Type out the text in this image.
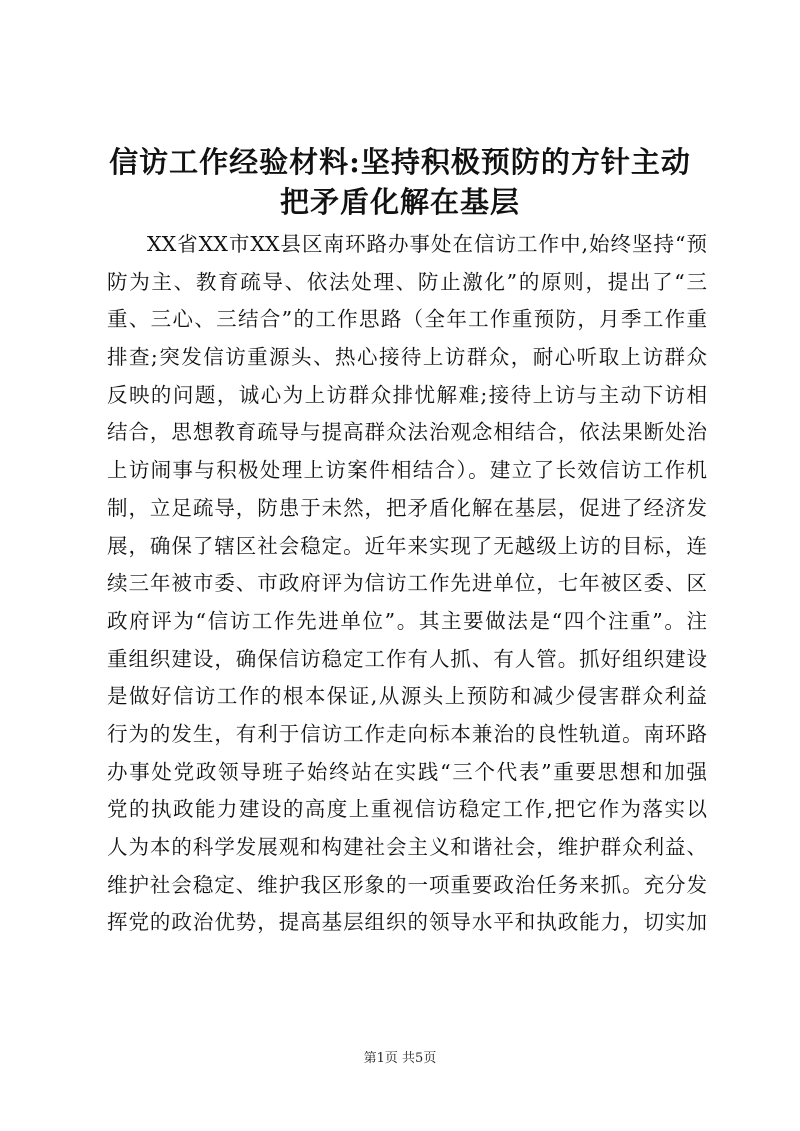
信访工作经验材料:坚持积极预防的方针主动
把矛盾化解在基层
XX省XX市XX县区南环路办事处在信访工作中,始终坚持“预
防为主、教育疏导、依法处理、防止激化”的原则，提出了“三
重、三心、三结合”的工作思路（全年工作重预防，月季工作重
排查;突发信访重源头、热心接待上访群众，耐心听取上访群众
反映的问题，诚心为上访群众排忧解难;接待上访与主动下访相
结合，思想教育疏导与提高群众法治观念相结合，依法果断处治
上访闹事与积极处理上访案件相结合）。建立了长效信访工作机
制，立足疏导，防患于未然，把矛盾化解在基层，促进了经济发
展，确保了辖区社会稳定。近年来实现了无越级上访的目标，连
续三年被市委、市政府评为信访工作先进单位，七年被区委、区
政府评为“信访工作先进单位”。其主要做法是“四个注重”。注
重组织建设，确保信访稳定工作有人抓、有人管。抓好组织建设
是做好信访工作的根本保证,从源头上预防和减少侵害群众利益
行为的发生，有利于信访工作走向标本兼治的良性轨道。南环路
办事处党政领导班子始终站在实践“三个代表”重要思想和加强
党的执政能力建设的高度上重视信访稳定工作,把它作为落实以
人为本的科学发展观和构建社会主义和谐社会，维护群众利益、
维护社会稳定、维护我区形象的一项重要政治任务来抓。充分发
挥党的政治优势，提高基层组织的领导水平和执政能力，切实加
第1页 共5页
